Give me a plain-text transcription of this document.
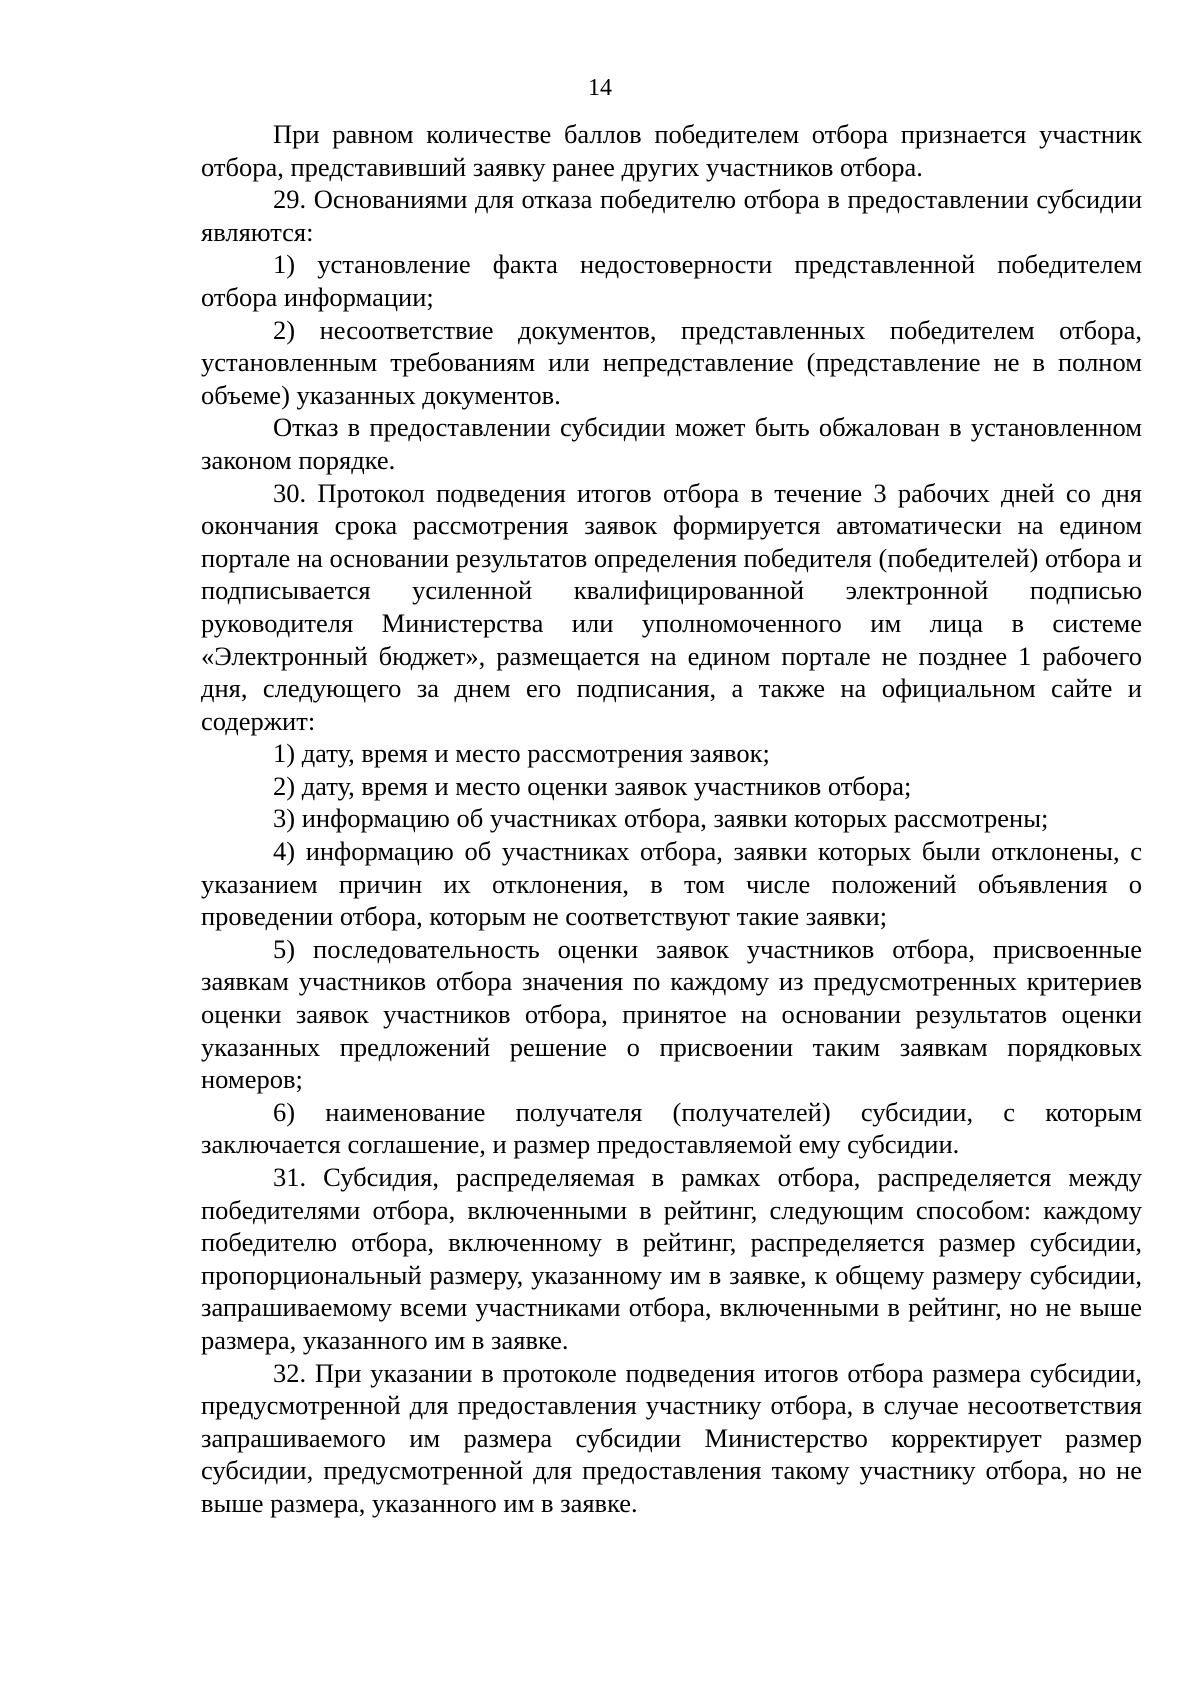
14

При равном количестве баллов победителем отбора признается участник отбора, представивший заявку ранее других участников отбора.

29. Основаниями для отказа победителю отбора в предоставлении субсидии являются:

1) установление факта недостоверности представленной победителем отбора информации;

2) несоответствие документов, представленных победителем отбора, установленным требованиям или непредставление (представление не в полном объеме) указанных документов.

Отказ в предоставлении субсидии может быть обжалован в установленном законом порядке.

30. Протокол подведения итогов отбора в течение 3 рабочих дней со дня окончания срока рассмотрения заявок формируется автоматически на едином портале на основании результатов определения победителя (победителей) отбора и подписывается усиленной квалифицированной электронной подписью руководителя Министерства или уполномоченного им лица в системе «Электронный бюджет», размещается на едином портале не позднее 1 рабочего дня, следующего за днем его подписания, а также на официальном сайте и содержит:

1) дату, время и место рассмотрения заявок;

2) дату, время и место оценки заявок участников отбора;

3) информацию об участниках отбора, заявки которых рассмотрены;

4) информацию об участниках отбора, заявки которых были отклонены, с указанием причин их отклонения, в том числе положений объявления о проведении отбора, которым не соответствуют такие заявки;

5) последовательность оценки заявок участников отбора, присвоенные заявкам участников отбора значения по каждому из предусмотренных критериев оценки заявок участников отбора, принятое на основании результатов оценки указанных предложений решение о присвоении таким заявкам порядковых номеров;

6) наименование получателя (получателей) субсидии, с которым заключается соглашение, и размер предоставляемой ему субсидии.

31. Субсидия, распределяемая в рамках отбора, распределяется между победителями отбора, включенными в рейтинг, следующим способом: каждому победителю отбора, включенному в рейтинг, распределяется размер субсидии, пропорциональный размеру, указанному им в заявке, к общему размеру субсидии, запрашиваемому всеми участниками отбора, включенными в рейтинг, но не выше размера, указанного им в заявке.

32. При указании в протоколе подведения итогов отбора размера субсидии, предусмотренной для предоставления участнику отбора, в случае несоответствия запрашиваемого им размера субсидии Министерство корректирует размер субсидии, предусмотренной для предоставления такому участнику отбора, но не выше размера, указанного им в заявке.
